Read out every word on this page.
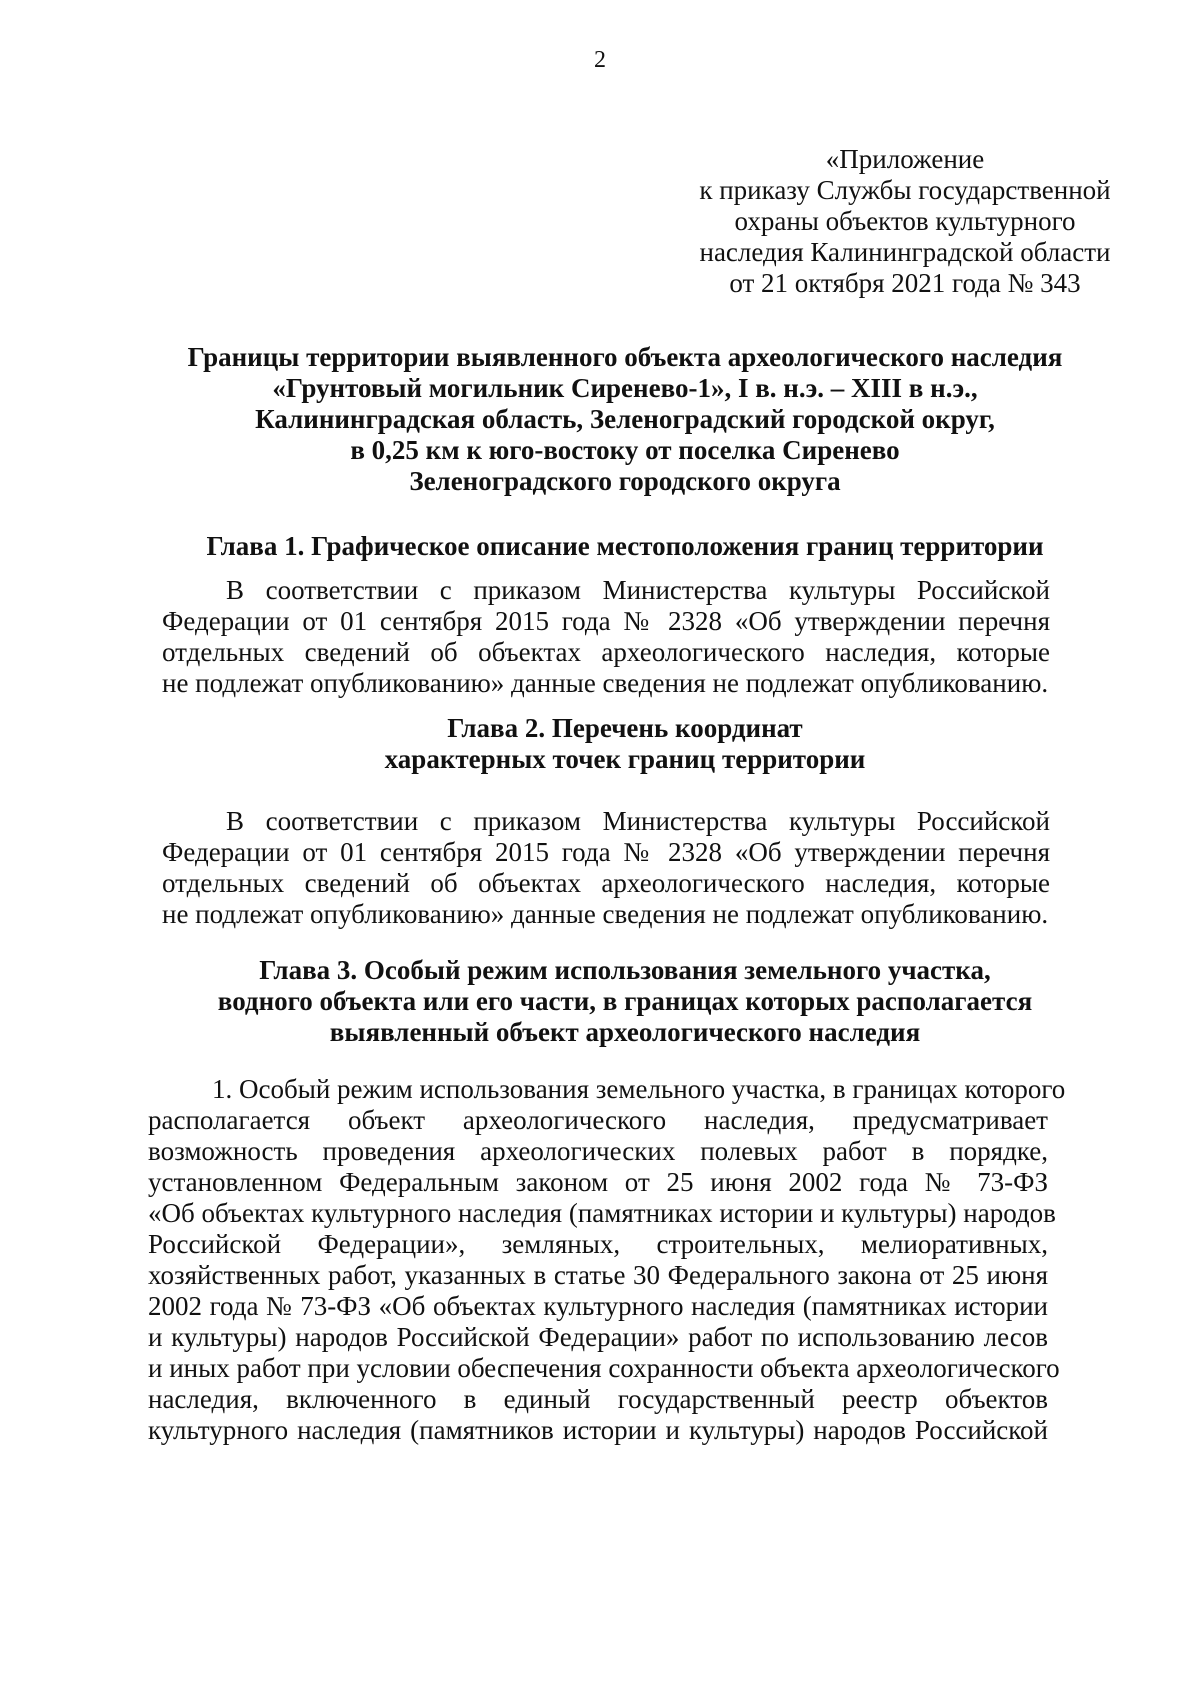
2
«Приложение
к приказу Службы государственной
охраны объектов культурного
наследия Калининградской области
от 21 октября 2021 года № 343
Границы территории выявленного объекта археологического наследия
«Грунтовый могильник Сиренево-1», I в. н.э. – XIII в н.э.,
Калининградская область, Зеленоградский городской округ,
в 0,25 км к юго-востоку от поселка Сиренево
Зеленоградского городского округа
Глава 1. Графическое описание местоположения границ территории
В соответствии с приказом Министерства культуры Российской
Федерации от 01 сентября 2015 года № 2328 «Об утверждении перечня
отдельных сведений об объектах археологического наследия, которые
не подлежат опубликованию» данные сведения не подлежат опубликованию.
Глава 2. Перечень координат
характерных точек границ территории
В соответствии с приказом Министерства культуры Российской
Федерации от 01 сентября 2015 года № 2328 «Об утверждении перечня
отдельных сведений об объектах археологического наследия, которые
не подлежат опубликованию» данные сведения не подлежат опубликованию.
Глава 3. Особый режим использования земельного участка,
водного объекта или его части, в границах которых располагается
выявленный объект археологического наследия
1. Особый режим использования земельного участка, в границах которого
располагается объект археологического наследия, предусматривает
возможность проведения археологических полевых работ в порядке,
установленном Федеральным законом от 25 июня 2002 года № 73-ФЗ
«Об объектах культурного наследия (памятниках истории и культуры) народов
Российской Федерации», земляных, строительных, мелиоративных,
хозяйственных работ, указанных в статье 30 Федерального закона от 25 июня
2002 года № 73-ФЗ «Об объектах культурного наследия (памятниках истории
и культуры) народов Российской Федерации» работ по использованию лесов
и иных работ при условии обеспечения сохранности объекта археологического
наследия, включенного в единый государственный реестр объектов
культурного наследия (памятников истории и культуры) народов Российской
